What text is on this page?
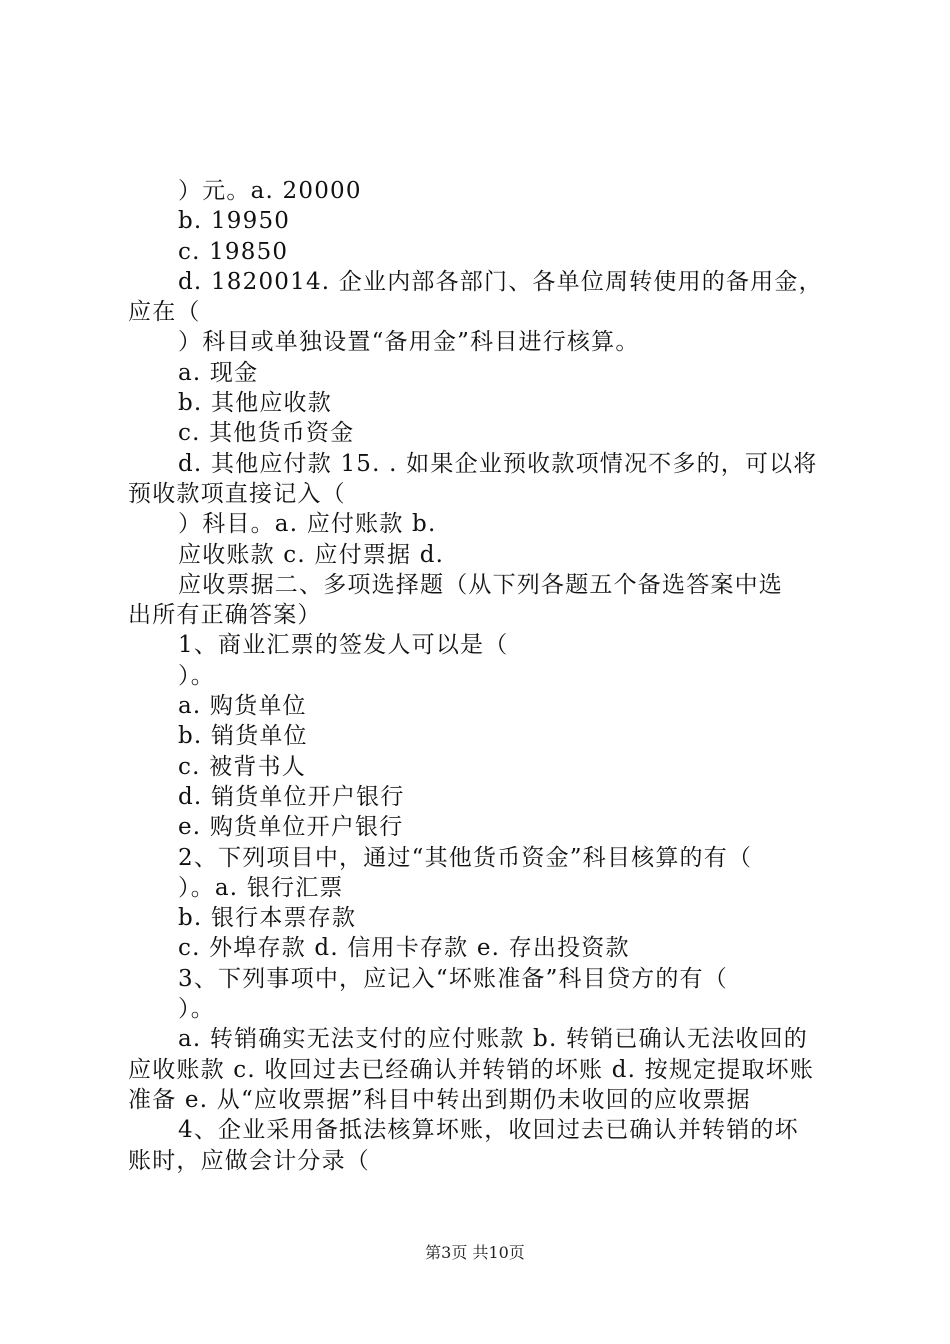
）元。a. 20000
b. 19950
c. 19850
d. 1820014. 企业内部各部门、各单位周转使用的备用金，
应在（
）科目或单独设置“备用金”科目进行核算。
a. 现金
b. 其他应收款
c. 其他货币资金
d. 其他应付款 15. . 如果企业预收款项情况不多的，可以将
预收款项直接记入（
）科目。a. 应付账款 b.
应收账款 c. 应付票据 d.
应收票据二、多项选择题（从下列各题五个备选答案中选
出所有正确答案）
1、商业汇票的签发人可以是（
）。
a. 购货单位
b. 销货单位
c. 被背书人
d. 销货单位开户银行
e. 购货单位开户银行
2、下列项目中，通过“其他货币资金”科目核算的有（
）。a. 银行汇票
b. 银行本票存款
c. 外埠存款 d. 信用卡存款 e. 存出投资款
3、下列事项中，应记入“坏账准备”科目贷方的有（
）。
a. 转销确实无法支付的应付账款 b. 转销已确认无法收回的
应收账款 c. 收回过去已经确认并转销的坏账 d. 按规定提取坏账
准备 e. 从“应收票据”科目中转出到期仍未收回的应收票据
4、企业采用备抵法核算坏账，收回过去已确认并转销的坏
账时，应做会计分录（
第3页 共10页
